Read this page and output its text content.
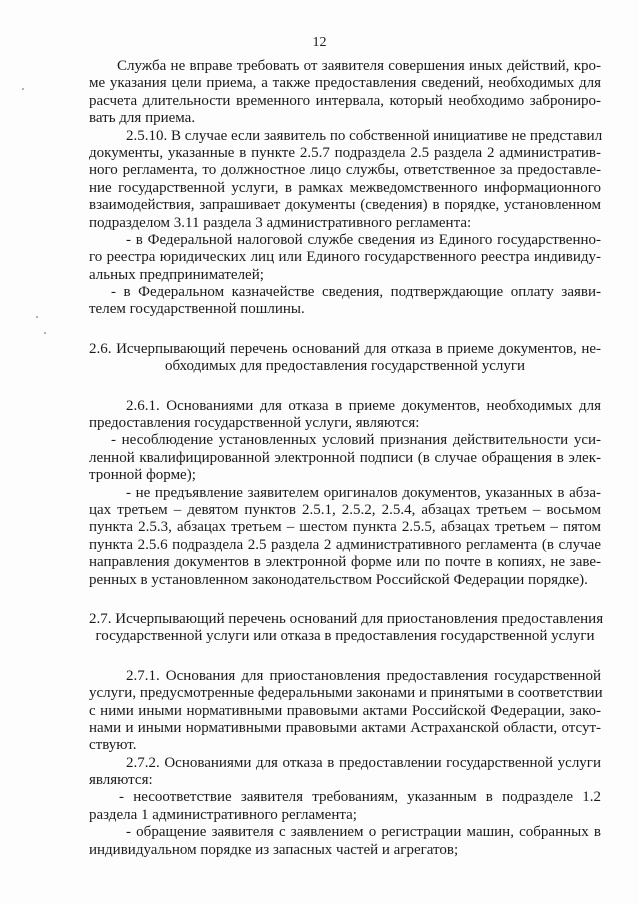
12
Служба не вправе требовать от заявителя совершения иных действий, кро-
ме указания цели приема, а также предоставления сведений, необходимых для
расчета длительности временного интервала, который необходимо заброниро-
вать для приема.
2.5.10. В случае если заявитель по собственной инициативе не представил
документы, указанные в пункте 2.5.7 подраздела 2.5 раздела 2 административ-
ного регламента, то должностное лицо службы, ответственное за предоставле-
ние государственной услуги, в рамках межведомственного информационного
взаимодействия, запрашивает документы (сведения) в порядке, установленном
подразделом 3.11 раздела 3 административного регламента:
- в Федеральной налоговой службе сведения из Единого государственно-
го реестра юридических лиц или Единого государственного реестра индивиду-
альных предпринимателей;
- в Федеральном казначействе сведения, подтверждающие оплату заяви-
телем государственной пошлины.
2.6. Исчерпывающий перечень оснований для отказа в приеме документов, не-
обходимых для предоставления государственной услуги
2.6.1. Основаниями для отказа в приеме документов, необходимых для
предоставления государственной услуги, являются:
- несоблюдение установленных условий признания действительности уси-
ленной квалифицированной электронной подписи (в случае обращения в элек-
тронной форме);
- не предъявление заявителем оригиналов документов, указанных в абза-
цах третьем – девятом пунктов 2.5.1, 2.5.2, 2.5.4, абзацах третьем – восьмом
пункта 2.5.3, абзацах третьем – шестом пункта 2.5.5, абзацах третьем – пятом
пункта 2.5.6 подраздела 2.5 раздела 2 административного регламента (в случае
направления документов в электронной форме или по почте в копиях, не заве-
ренных в установленном законодательством Российской Федерации порядке).
2.7. Исчерпывающий перечень оснований для приостановления предоставления
государственной услуги или отказа в предоставления государственной услуги
2.7.1. Основания для приостановления предоставления государственной
услуги, предусмотренные федеральными законами и принятыми в соответствии
с ними иными нормативными правовыми актами Российской Федерации, зако-
нами и иными нормативными правовыми актами Астраханской области, отсут-
ствуют.
2.7.2. Основаниями для отказа в предоставлении государственной услуги
являются:
- несоответствие заявителя требованиям, указанным в подразделе 1.2
раздела 1 административного регламента;
- обращение заявителя с заявлением о регистрации машин, собранных в
индивидуальном порядке из запасных частей и агрегатов;
